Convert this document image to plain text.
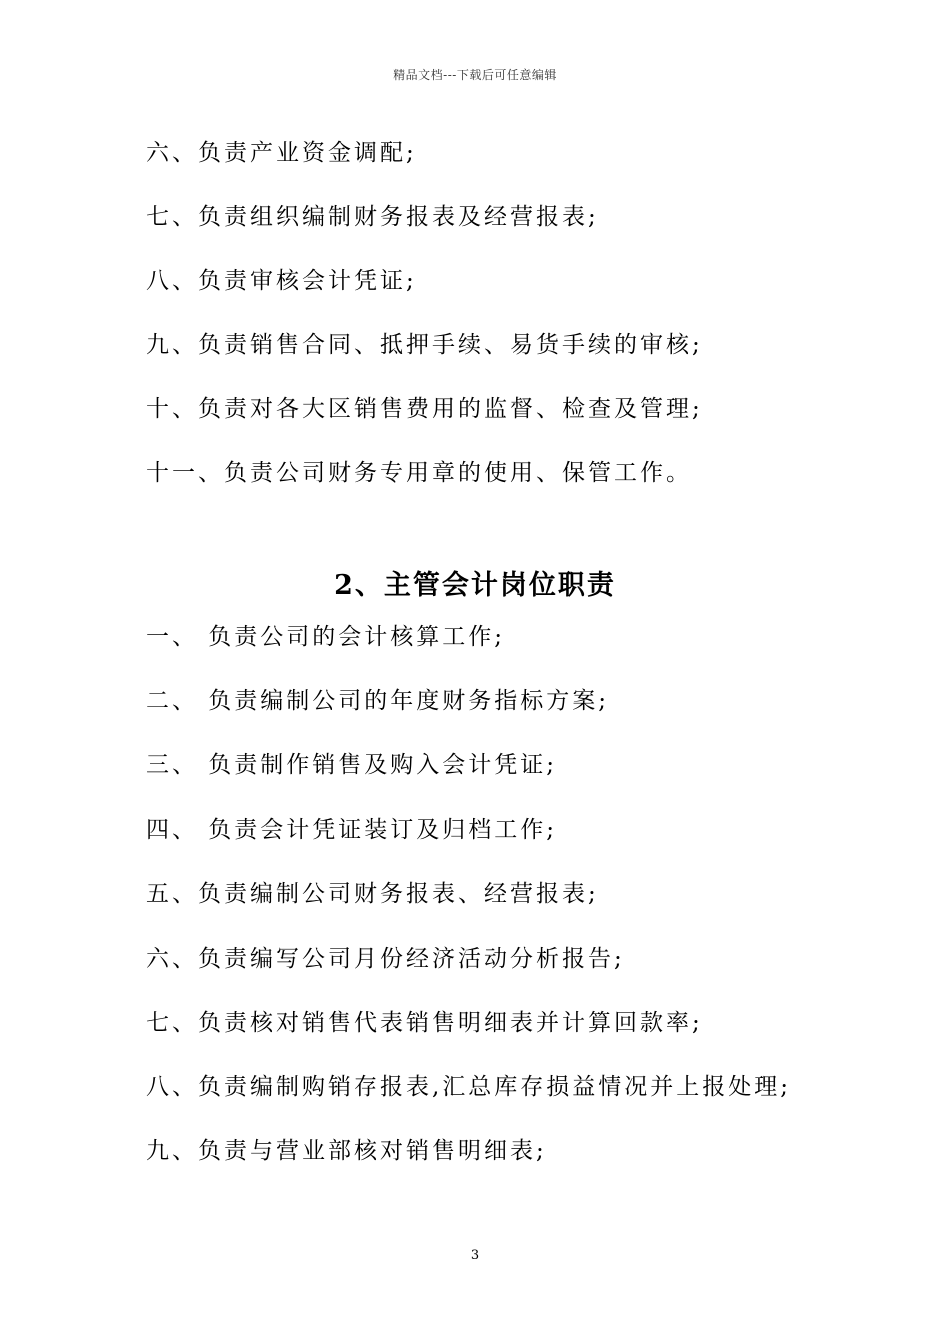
精品文档---下载后可任意编辑
六、负责产业资金调配;
七、负责组织编制财务报表及经营报表;
八、负责审核会计凭证;
九、负责销售合同、抵押手续、易货手续的审核;
十、负责对各大区销售费用的监督、检查及管理;
十一、负责公司财务专用章的使用、保管工作。
2、主管会计岗位职责
一、 负责公司的会计核算工作;
二、 负责编制公司的年度财务指标方案;
三、 负责制作销售及购入会计凭证;
四、 负责会计凭证装订及归档工作;
五、负责编制公司财务报表、经营报表;
六、负责编写公司月份经济活动分析报告;
七、负责核对销售代表销售明细表并计算回款率;
八、负责编制购销存报表,汇总库存损益情况并上报处理;
九、负责与营业部核对销售明细表;
3
